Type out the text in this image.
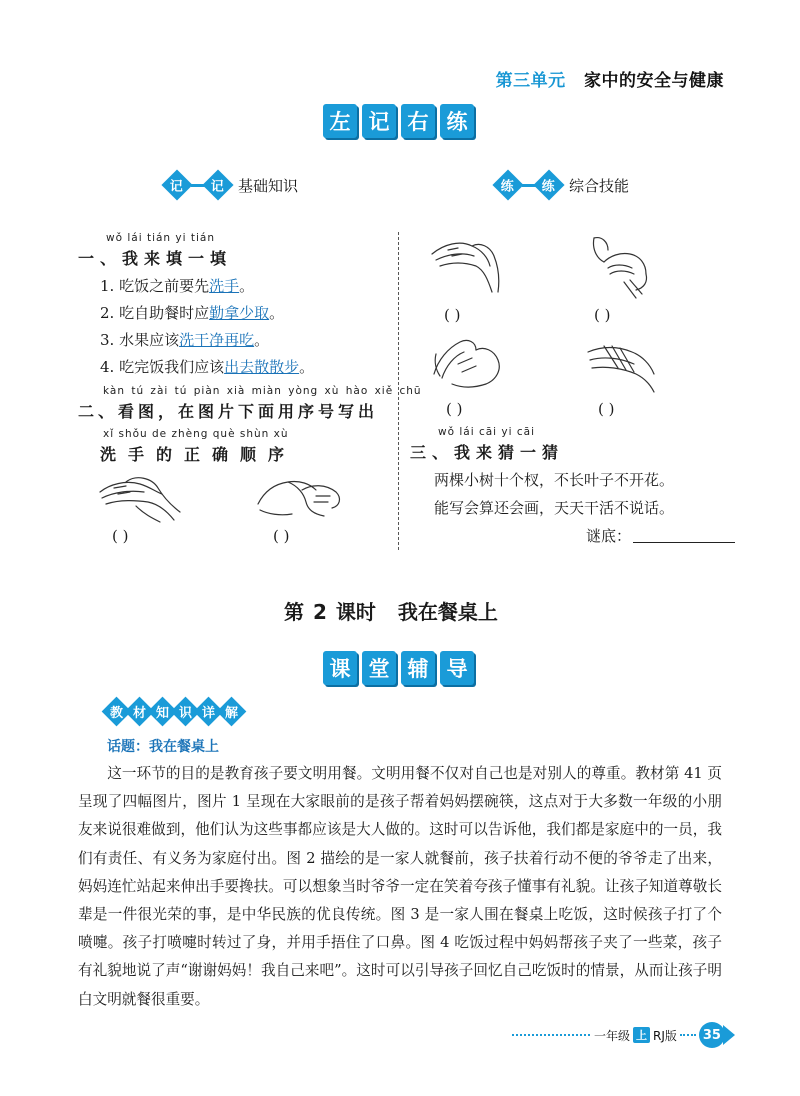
第三单元 家中的安全与健康
左 记 右 练
记 记 基础知识	练 练 综合技能
wǒ lái tián yi tián
一、我来填一填
1. 吃饭之前要先洗手。
2. 吃自助餐时应勤拿少取。
3. 水果应该洗干净再吃。
4. 吃完饭我们应该出去散散步。
kàn tú zài tú piàn xià miàn yòng xù hào xiě chū
二、看图，在图片下面用序号写出
xǐ shǒu de zhèng què shùn xù
洗手的正确顺序
( )	( )
( )	( )
( )	( )
wǒ lái cāi yi cāi
三、我来猜一猜
两棵小树十个杈，不长叶子不开花。
能写会算还会画，天天干活不说话。
谜底：
第 2 课时 我在餐桌上
课 堂 辅 导
教 材 知 识 详 解
话题：我在餐桌上
这一环节的目的是教育孩子要文明用餐。文明用餐不仅对自己也是对别人的尊重。教材第 41 页呈现了四幅图片，图片 1 呈现在大家眼前的是孩子帮着妈妈摆碗筷，这点对于大多数一年级的小朋友来说很难做到，他们认为这些事都应该是大人做的。这时可以告诉他，我们都是家庭中的一员，我们有责任、有义务为家庭付出。图 2 描绘的是一家人就餐前，孩子扶着行动不便的爷爷走了出来，妈妈连忙站起来伸出手要搀扶。可以想象当时爷爷一定在笑着夸孩子懂事有礼貌。让孩子知道尊敬长辈是一件很光荣的事，是中华民族的优良传统。图 3 是一家人围在餐桌上吃饭，这时候孩子打了个喷嚏。孩子打喷嚏时转过了身，并用手捂住了口鼻。图 4 吃饭过程中妈妈帮孩子夹了一些菜，孩子有礼貌地说了声“谢谢妈妈！我自己来吧”。这时可以引导孩子回忆自己吃饭时的情景，从而让孩子明白文明就餐很重要。
一年级 上 RJ版	35
